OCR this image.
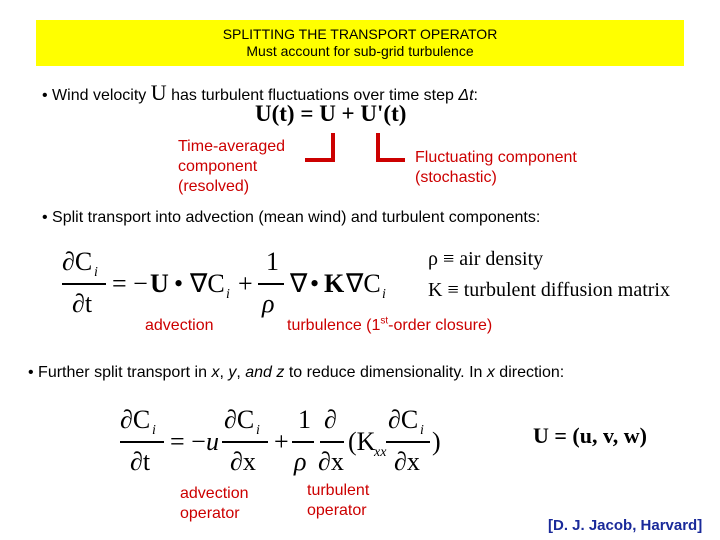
SPLITTING THE TRANSPORT OPERATOR
Must account for sub-grid turbulence
• Wind velocity U has turbulent fluctuations over time step Δt:
U(t) = U + U'(t)
Time-averaged
component
(resolved)
Fluctuating component
(stochastic)
• Split transport into advection (mean wind) and turbulent components:
∂C i
∂t
= − U • ∇C i +
1
ρ
∇ • K ∇C i
ρ ≡ air density
K ≡ turbulent diffusion matrix
advection	turbulence (1st-order closure)
• Further split transport in x, y, and z to reduce dimensionality. In x direction:
∂C i
∂t
= − u
∂C i
∂x
+
1
ρ
∂
∂x
(K
xx
∂C i
∂x
)	U = (u, v, w)
advection
operator
turbulent
operator
[D. J. Jacob, Harvard]
